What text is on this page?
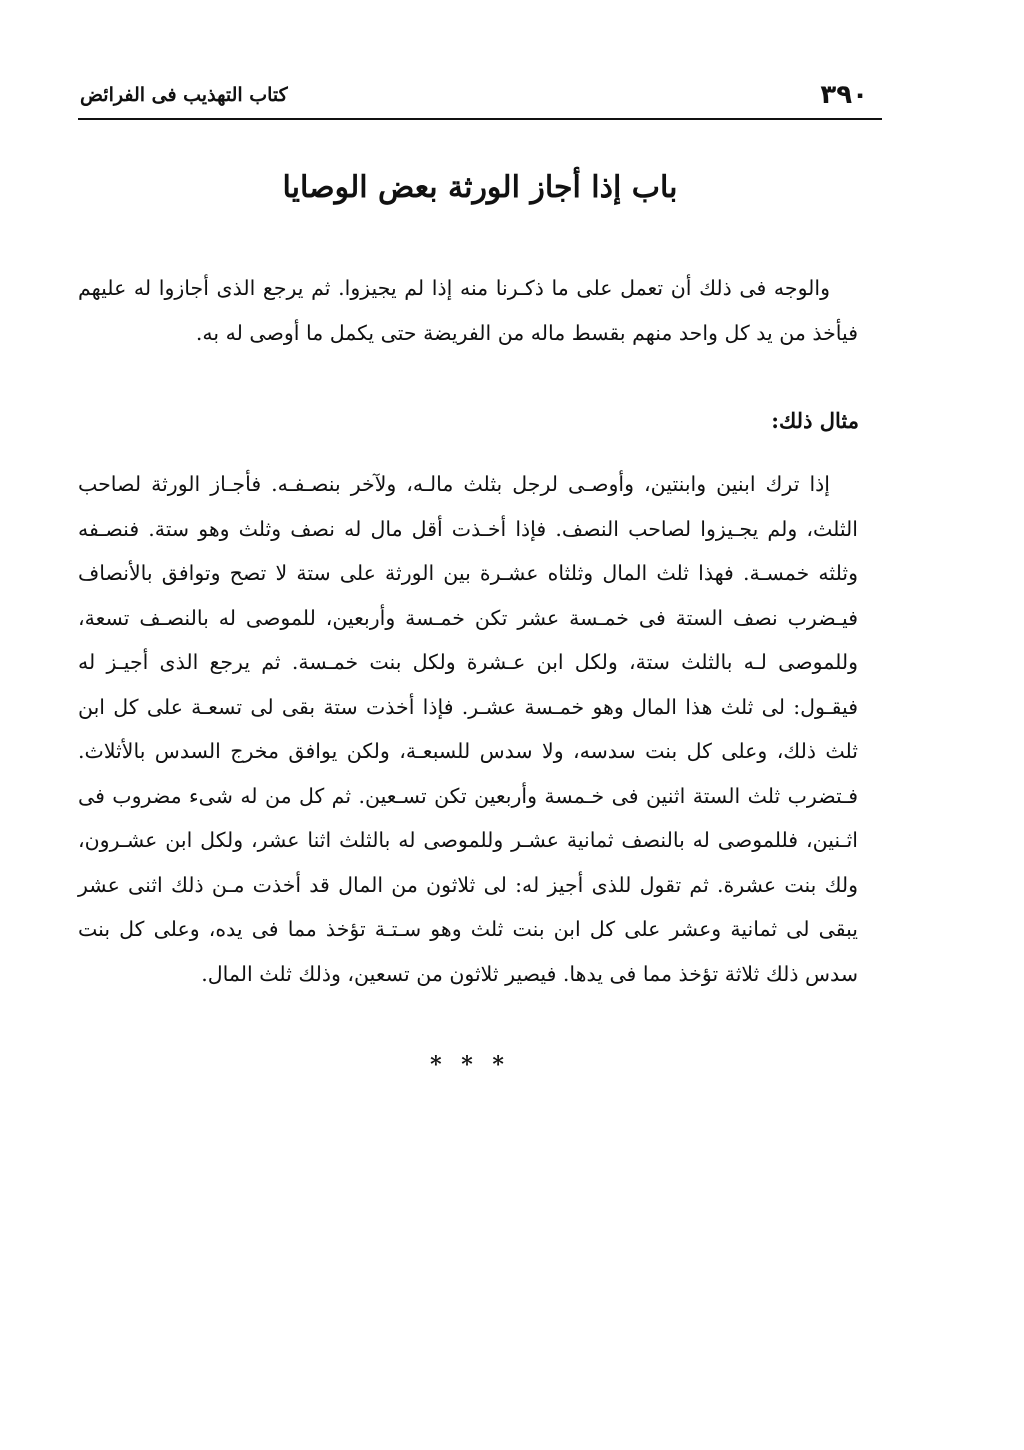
٣٩٠
كتاب التهذيب فى الفرائض
باب إذا أجاز الورثة بعض الوصايا

والوجه فى ذلك أن تعمل على ما ذكـرنا منه إذا لم يجيزوا. ثم يرجع الذى أجازوا له عليهم فيأخذ من يد كل واحد منهم بقسط ماله من الفريضة حتى يكمل ما أوصى له به.

مثال ذلك:

إذا ترك ابنين وابنتين، وأوصـى لرجل بثلث مالـه، ولآخر بنصـفـه. فأجـاز الورثة لصاحب الثلث، ولم يجـيزوا لصاحب النصف. فإذا أخـذت أقل مال له نصف وثلث وهو ستة. فنصـفه وثلثه خمسـة. فهذا ثلث المال وثلثاه عشـرة بين الورثة على ستة لا تصح وتوافق بالأنصاف فيـضرب نصف الستة فى خمـسة عشر تكن خمـسة وأربعين، للموصى له بالنصـف تسعة، وللموصى لـه بالثلث ستة، ولكل ابن عـشرة ولكل بنت خمـسة. ثم يرجع الذى أجيـز له فيقـول: لى ثلث هذا المال وهو خمـسة عشـر. فإذا أخذت ستة بقى لى تسعـة على كل ابن ثلث ذلك، وعلى كل بنت سدسه، ولا سدس للسبعـة، ولكن يوافق مخرج السدس بالأثلاث. فـتضرب ثلث الستة اثنين فى خـمسة وأربعين تكن تسـعين. ثم كل من له شىء مضروب فى اثـنين، فللموصى له بالنصف ثمانية عشـر وللموصى له بالثلث اثنا عشر، ولكل ابن عشـرون، ولك بنت عشرة. ثم تقول للذى أجيز له: لى ثلاثون من المال قد أخذت مـن ذلك اثنى عشر يبقى لى ثمانية وعشر على كل ابن بنت ثلث وهو سـتـة تؤخذ مما فى يده، وعلى كل بنت سدس ذلك ثلاثة تؤخذ مما فى يدها. فيصير ثلاثون من تسعين، وذلك ثلث المال.

* * *
